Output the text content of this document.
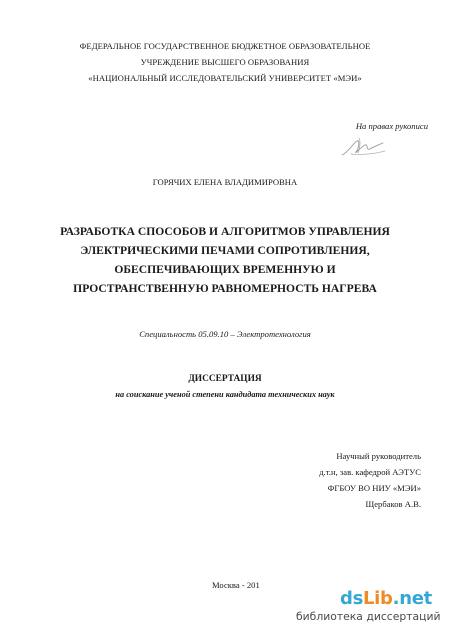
ФЕДЕРАЛЬНОЕ ГОСУДАРСТВЕННОЕ БЮДЖЕТНОЕ ОБРАЗОВАТЕЛЬНОЕ
УЧРЕЖДЕНИЕ ВЫСШЕГО ОБРАЗОВАНИЯ
«НАЦИОНАЛЬНЫЙ ИССЛЕДОВАТЕЛЬСКИЙ УНИВЕРСИТЕТ «МЭИ»
На правах рукописи
ГОРЯЧИХ ЕЛЕНА ВЛАДИМИРОВНА
РАЗРАБОТКА СПОСОБОВ И АЛГОРИТМОВ УПРАВЛЕНИЯ
ЭЛЕКТРИЧЕСКИМИ ПЕЧАМИ СОПРОТИВЛЕНИЯ,
ОБЕСПЕЧИВАЮЩИХ ВРЕМЕННУЮ И
ПРОСТРАНСТВЕННУЮ РАВНОМЕРНОСТЬ НАГРЕВА
Специальность 05.09.10 – Электротехнология
ДИССЕРТАЦИЯ
на соискание ученой степени кандидата технических наук
Научный руководитель
д.т.н, зав. кафедрой АЭТУС
ФГБОУ ВО НИУ «МЭИ»
Щербаков А.В.
Москва - 201
dsLib.net
библиотека диссертаций
